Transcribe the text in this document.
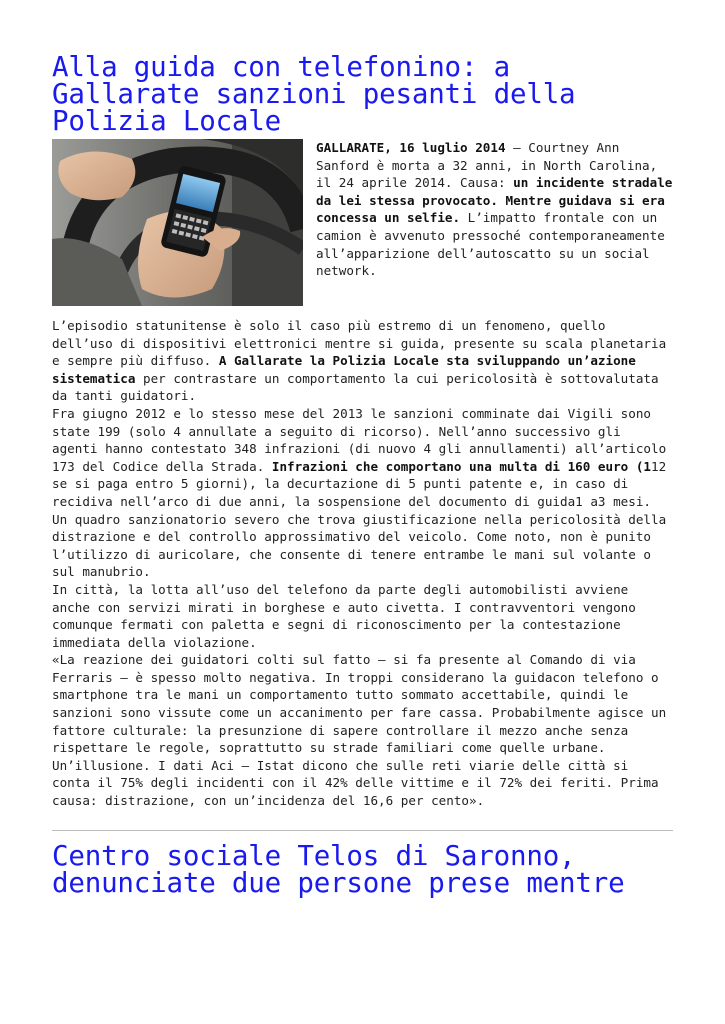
Alla guida con telefonino: a Gallarate sanzioni pesanti della Polizia Locale

GALLARATE, 16 luglio 2014 – Courtney Ann Sanford è morta a 32 anni, in North Carolina, il 24 aprile 2014. Causa: un incidente stradale da lei stessa provocato. Mentre guidava si era concessa un selfie. L’impatto frontale con un camion è avvenuto pressoché contemporaneamente all’apparizione dell’autoscatto su un social network.

L’episodio statunitense è solo il caso più estremo di un fenomeno, quello dell’uso di dispositivi elettronici mentre si guida, presente su scala planetaria e sempre più diffuso. A Gallarate la Polizia Locale sta sviluppando un’azione sistematica per contrastare un comportamento la cui pericolosità è sottovalutata da tanti guidatori.

Fra giugno 2012 e lo stesso mese del 2013 le sanzioni comminate dai Vigili sono state 199 (solo 4 annullate a seguito di ricorso). Nell’anno successivo gli agenti hanno contestato 348 infrazioni (di nuovo 4 gli annullamenti) all’articolo 173 del Codice della Strada. Infrazioni che comportano una multa di 160 euro (112 se si paga entro 5 giorni), la decurtazione di 5 punti patente e, in caso di recidiva nell’arco di due anni, la sospensione del documento di guida1 a3 mesi. Un quadro sanzionatorio severo che trova giustificazione nella pericolosità della distrazione e del controllo approssimativo del veicolo. Come noto, non è punito l’utilizzo di auricolare, che consente di tenere entrambe le mani sul volante o sul manubrio.

In città, la lotta all’uso del telefono da parte degli automobilisti avviene anche con servizi mirati in borghese e auto civetta. I contravventori vengono comunque fermati con paletta e segni di riconoscimento per la contestazione immediata della violazione.

«La reazione dei guidatori colti sul fatto – si fa presente al Comando di via Ferraris – è spesso molto negativa. In troppi considerano la guidacon telefono o smartphone tra le mani un comportamento tutto sommato accettabile, quindi le sanzioni sono vissute come un accanimento per fare cassa. Probabilmente agisce un fattore culturale: la presunzione di sapere controllare il mezzo anche senza rispettare le regole, soprattutto su strade familiari come quelle urbane. Un’illusione. I dati Aci – Istat dicono che sulle reti viarie delle città si conta il 75% degli incidenti con il 42% delle vittime e il 72% dei feriti. Prima causa: distrazione, con un’incidenza del 16,6 per cento».

Centro sociale Telos di Saronno, denunciate due persone prese mentre
